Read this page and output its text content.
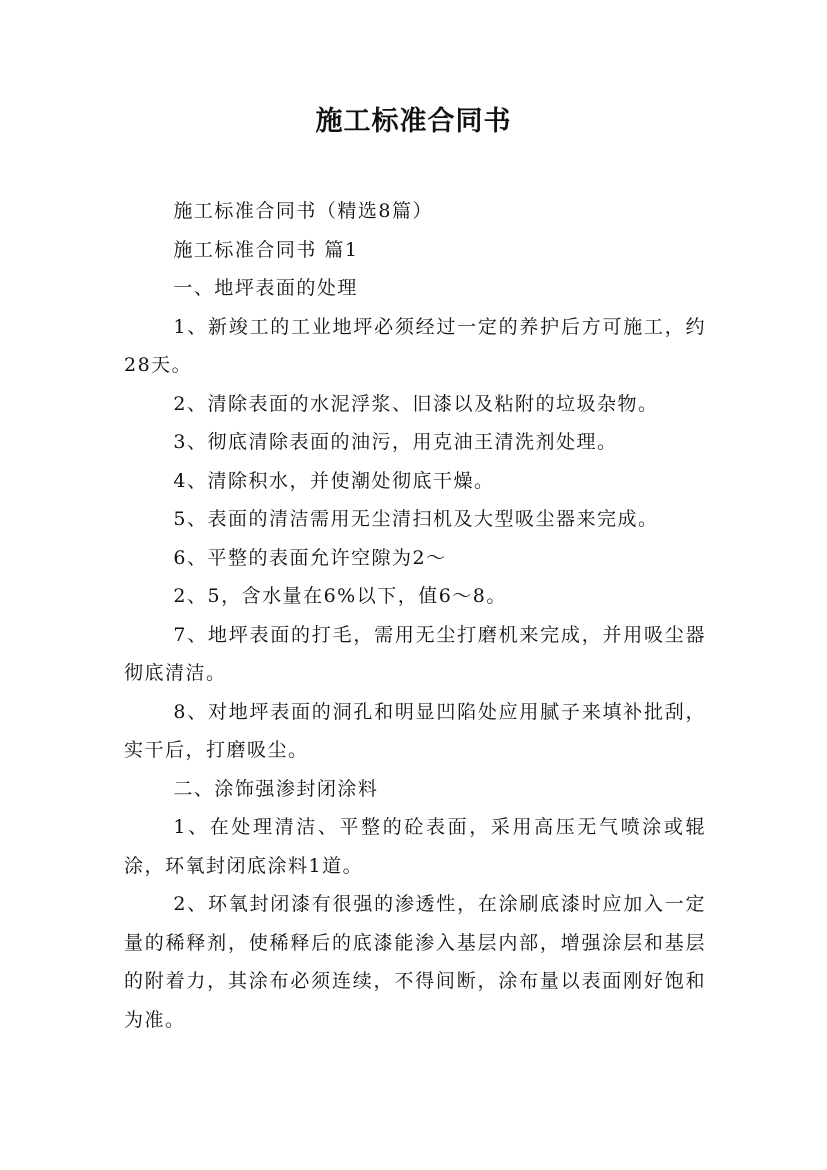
施工标准合同书

施工标准合同书（精选8篇）

施工标准合同书 篇1

一、地坪表面的处理

1、新竣工的工业地坪必须经过一定的养护后方可施工，约28天。

2、清除表面的水泥浮浆、旧漆以及粘附的垃圾杂物。

3、彻底清除表面的油污，用克油王清洗剂处理。

4、清除积水，并使潮处彻底干燥。

5、表面的清洁需用无尘清扫机及大型吸尘器来完成。

6、平整的表面允许空隙为2～

2、5，含水量在6%以下，值6～8。

7、地坪表面的打毛，需用无尘打磨机来完成，并用吸尘器彻底清洁。

8、对地坪表面的洞孔和明显凹陷处应用腻子来填补批刮，实干后，打磨吸尘。

二、涂饰强渗封闭涂料

1、在处理清洁、平整的砼表面，采用高压无气喷涂或辊涂，环氧封闭底涂料1道。

2、环氧封闭漆有很强的渗透性，在涂刷底漆时应加入一定量的稀释剂，使稀释后的底漆能渗入基层内部，增强涂层和基层的附着力，其涂布必须连续，不得间断，涂布量以表面刚好饱和为准。
